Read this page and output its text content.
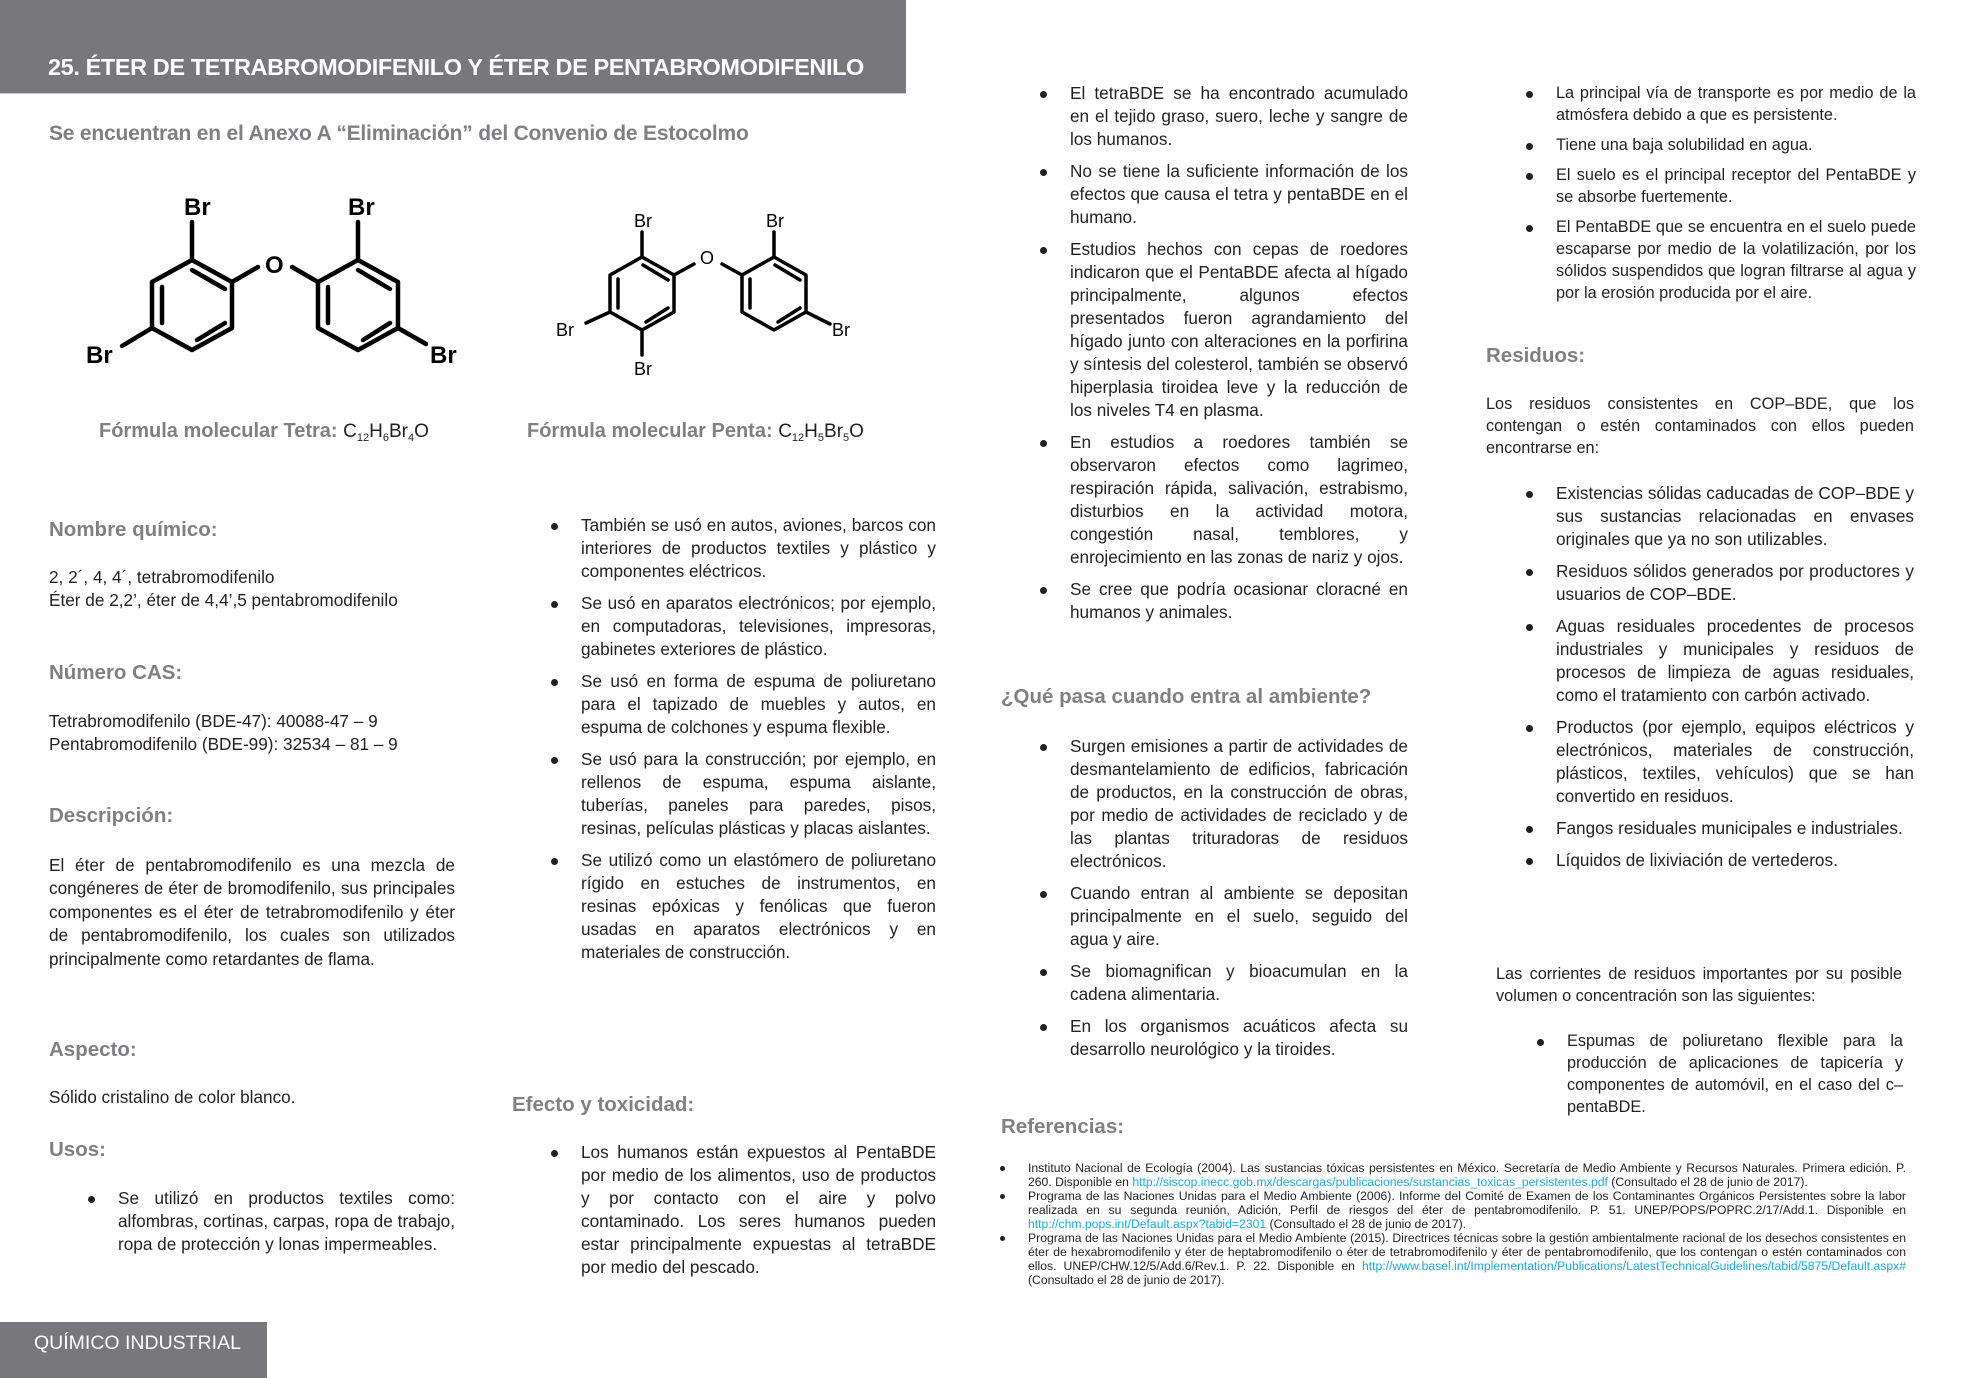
25. ÉTER DE TETRABROMODIFENILO Y ÉTER DE PENTABROMODIFENILO
Se encuentran en el Anexo A “Eliminación” del Convenio de Estocolmo
Br	Br
Br	Br
O
Br	Br
Br
Br
Br
O
Fórmula molecular Tetra: $C_{12}H_6Br_4O$	Fórmula molecular Penta: $C_{12}H_5Br_5O$
Nombre químico:
2, 2´, 4, 4´, tetrabromodifenilo
Éter de 2,2’, éter de 4,4’,5 pentabromodifenilo
Número CAS:
Tetrabromodifenilo (BDE-47): 40088-47 – 9
Pentabromodifenilo (BDE-99): 32534 – 81 – 9
Descripción:
El éter de pentabromodifenilo es una mezcla de congéneres de éter de bromodifenilo, sus principales componentes es el éter de tetrabromodifenilo y éter de pentabromodifenilo, los cuales son utilizados principalmente como retardantes de flama.
Aspecto:
Sólido cristalino de color blanco.
Usos:
Se utilizó en productos textiles como: alfombras, cortinas, carpas, ropa de trabajo, ropa de protección y lonas impermeables.
También se usó en autos, aviones, barcos con interiores de productos textiles y plástico y componentes eléctricos.
Se usó en aparatos electrónicos; por ejemplo, en computadoras, televisiones, impresoras, gabinetes exteriores de plástico.
Se usó en forma de espuma de poliuretano para el tapizado de muebles y autos, en espuma de colchones y espuma flexible.
Se usó para la construcción; por ejemplo, en rellenos de espuma, espuma aislante, tuberías, paneles para paredes, pisos, resinas, películas plásticas y placas aislantes.
Se utilizó como un elastómero de poliuretano rígido en estuches de instrumentos, en resinas epóxicas y fenólicas que fueron usadas en aparatos electrónicos y en materiales de construcción.
Efecto y toxicidad:
Los humanos están expuestos al PentaBDE por medio de los alimentos, uso de productos y por contacto con el aire y polvo contaminado. Los seres humanos pueden estar principalmente expuestas al tetraBDE por medio del pescado.
El tetraBDE se ha encontrado acumulado en el tejido graso, suero, leche y sangre de los humanos.
No se tiene la suficiente información de los efectos que causa el tetra y pentaBDE en el humano.
Estudios hechos con cepas de roedores indicaron que el PentaBDE afecta al hígado principalmente, algunos efectos presentados fueron agrandamiento del hígado junto con alteraciones en la porfirina y síntesis del colesterol, también se observó hiperplasia tiroidea leve y la reducción de los niveles T4 en plasma.
En estudios a roedores también se observaron efectos como lagrimeo, respiración rápida, salivación, estrabismo, disturbios en la actividad motora, congestión nasal, temblores, y enrojecimiento en las zonas de nariz y ojos.
Se cree que podría ocasionar cloracné en humanos y animales.
¿Qué pasa cuando entra al ambiente?
Surgen emisiones a partir de actividades de desmantelamiento de edificios, fabricación de productos, en la construcción de obras, por medio de actividades de reciclado y de las plantas trituradoras de residuos electrónicos.
Cuando entran al ambiente se depositan principalmente en el suelo, seguido del agua y aire.
Se biomagnifican y bioacumulan en la cadena alimentaria.
En los organismos acuáticos afecta su desarrollo neurológico y la tiroides.
Referencias:
La principal vía de transporte es por medio de la atmósfera debido a que es persistente.
Tiene una baja solubilidad en agua.
El suelo es el principal receptor del PentaBDE y se absorbe fuertemente.
El PentaBDE que se encuentra en el suelo puede escaparse por medio de la volatilización, por los sólidos suspendidos que logran filtrarse al agua y por la erosión producida por el aire.
Residuos:
Los residuos consistentes en COP–BDE, que los contengan o estén contaminados con ellos pueden encontrarse en:
Existencias sólidas caducadas de COP–BDE y sus sustancias relacionadas en envases originales que ya no son utilizables.
Residuos sólidos generados por productores y usuarios de COP–BDE.
Aguas residuales procedentes de procesos industriales y municipales y residuos de procesos de limpieza de aguas residuales, como el tratamiento con carbón activado.
Productos (por ejemplo, equipos eléctricos y electrónicos, materiales de construcción, plásticos, textiles, vehículos) que se han convertido en residuos.
Fangos residuales municipales e industriales.
Líquidos de lixiviación de vertederos.
Las corrientes de residuos importantes por su posible volumen o concentración son las siguientes:
Espumas de poliuretano flexible para la producción de aplicaciones de tapicería y componentes de automóvil, en el caso del c–pentaBDE.
Instituto Nacional de Ecología (2004). Las sustancias tóxicas persistentes en México. Secretaría de Medio Ambiente y Recursos Naturales. Primera edición. P. 260. Disponible en http://siscop.inecc.gob.mx/descargas/publicaciones/sustancias_toxicas_persistentes.pdf (Consultado el 28 de junio de 2017).
Programa de las Naciones Unidas para el Medio Ambiente (2006). Informe del Comité de Examen de los Contaminantes Orgánicos Persistentes sobre la labor realizada en su segunda reunión, Adición, Perfil de riesgos del éter de pentabromodifenilo. P. 51. UNEP/POPS/POPRC.2/17/Add.1. Disponible en http://chm.pops.int/Default.aspx?tabid=2301 (Consultado el 28 de junio de 2017).
Programa de las Naciones Unidas para el Medio Ambiente (2015). Directrices técnicas sobre la gestión ambientalmente racional de los desechos consistentes en éter de hexabromodifenilo y éter de heptabromodifenilo o éter de tetrabromodifenilo y éter de pentabromodifenilo, que los contengan o estén contaminados con ellos. UNEP/CHW.12/5/Add.6/Rev.1. P. 22. Disponible en http://www.basel.int/Implementation/Publications/LatestTechnicalGuidelines/tabid/5875/Default.aspx# (Consultado el 28 de junio de 2017).
QUÍMICO INDUSTRIAL
